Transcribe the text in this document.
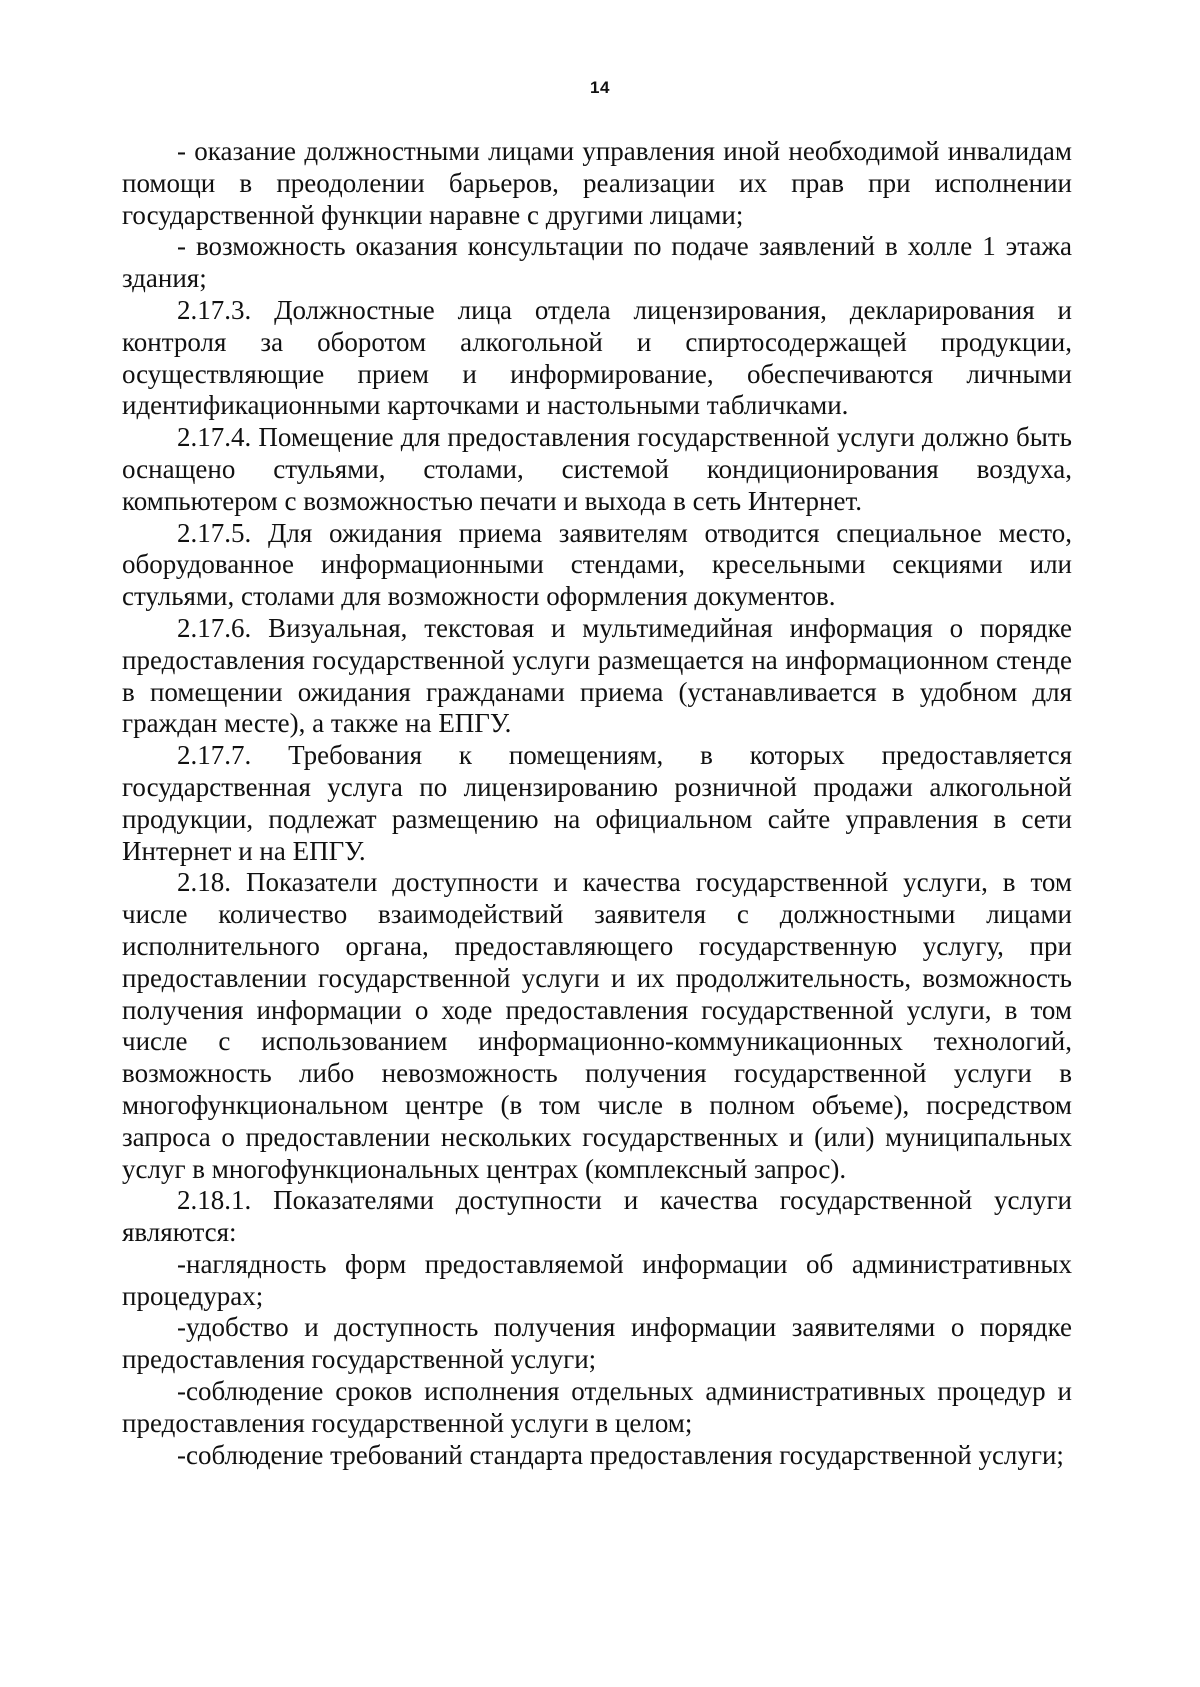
14

- оказание должностными лицами управления иной необходимой инвалидам помощи в преодолении барьеров, реализации их прав при исполнении государственной функции наравне с другими лицами;

- возможность оказания консультации по подаче заявлений в холле 1 этажа здания;

2.17.3. Должностные лица отдела лицензирования, декларирования и контроля за оборотом алкогольной и спиртосодержащей продукции, осуществляющие прием и информирование, обеспечиваются личными идентификационными карточками и настольными табличками.

2.17.4. Помещение для предоставления государственной услуги должно быть оснащено стульями, столами, системой кондиционирования воздуха, компьютером с возможностью печати и выхода в сеть Интернет.

2.17.5. Для ожидания приема заявителям отводится специальное место, оборудованное информационными стендами, кресельными секциями или стульями, столами для возможности оформления документов.

2.17.6. Визуальная, текстовая и мультимедийная информация о порядке предоставления государственной услуги размещается на информационном стенде в помещении ожидания гражданами приема (устанавливается в удобном для граждан месте), а также на ЕПГУ.

2.17.7. Требования к помещениям, в которых предоставляется государственная услуга по лицензированию розничной продажи алкогольной продукции, подлежат размещению на официальном сайте управления в сети Интернет и на ЕПГУ.

2.18. Показатели доступности и качества государственной услуги, в том числе количество взаимодействий заявителя с должностными лицами исполнительного органа, предоставляющего государственную услугу, при предоставлении государственной услуги и их продолжительность, возможность получения информации о ходе предоставления государственной услуги, в том числе с использованием информационно-коммуникационных технологий, возможность либо невозможность получения государственной услуги в многофункциональном центре (в том числе в полном объеме), посредством запроса о предоставлении нескольких государственных и (или) муниципальных услуг в многофункциональных центрах (комплексный запрос).

2.18.1. Показателями доступности и качества государственной услуги являются:

-наглядность форм предоставляемой информации об административных процедурах;

-удобство и доступность получения информации заявителями о порядке предоставления государственной услуги;

-соблюдение сроков исполнения отдельных административных процедур и предоставления государственной услуги в целом;

-соблюдение требований стандарта предоставления государственной услуги;
